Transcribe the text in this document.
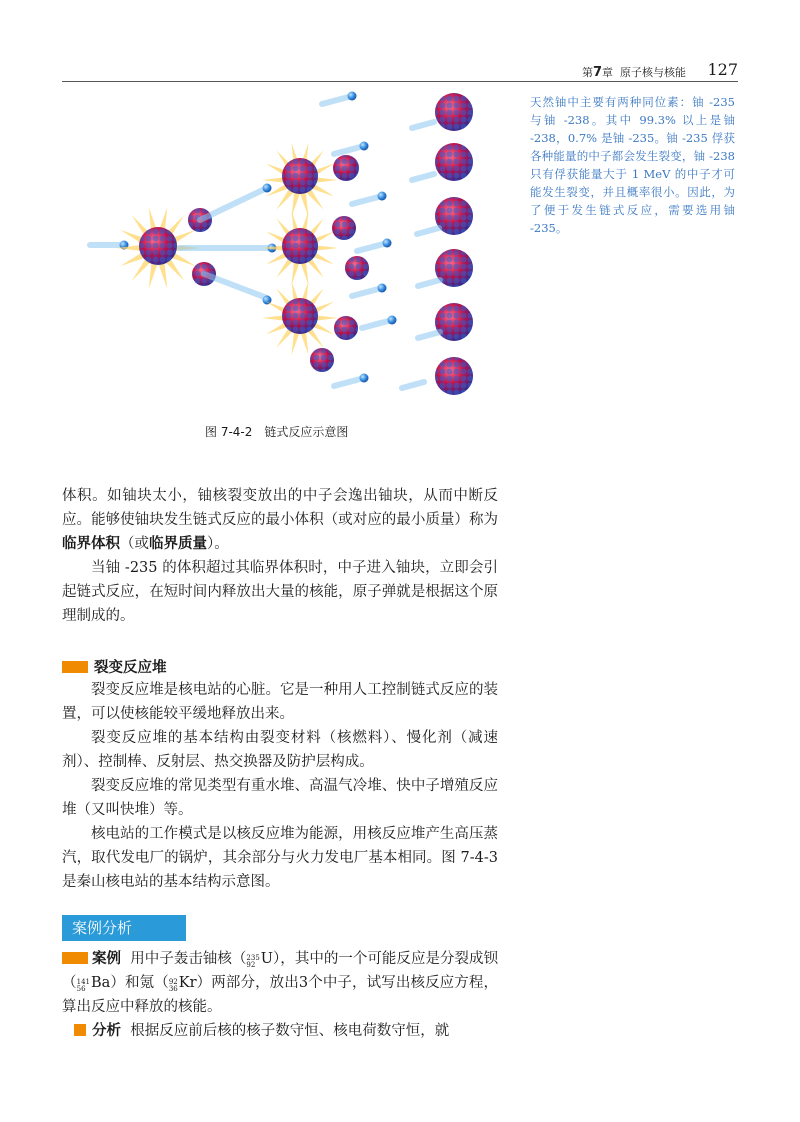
第7章 原子核与核能 127
图 7-4-2　链式反应示意图
天然铀中主要有两种同位素：铀 -235 与铀 -238。其中 99.3% 以上是铀 -238，0.7% 是铀 -235。铀 -235 俘获各种能量的中子都会发生裂变，铀 -238 只有俘获能量大于 1 MeV 的中子才可能发生裂变，并且概率很小。因此，为了便于发生链式反应，需要选用铀 -235。

体积。如铀块太小，铀核裂变放出的中子会逸出铀块，从而中断反应。能够使铀块发生链式反应的最小体积（或对应的最小质量）称为临界体积（或临界质量）。

当铀 -235 的体积超过其临界体积时，中子进入铀块，立即会引起链式反应，在短时间内释放出大量的核能，原子弹就是根据这个原理制成的。

裂变反应堆

裂变反应堆是核电站的心脏。它是一种用人工控制链式反应的装置，可以使核能较平缓地释放出来。

裂变反应堆的基本结构由裂变材料（核燃料）、慢化剂（减速剂）、控制棒、反射层、热交换器及防护层构成。

裂变反应堆的常见类型有重水堆、高温气冷堆、快中子增殖反应堆（又叫快堆）等。

核电站的工作模式是以核反应堆为能源，用核反应堆产生高压蒸汽，取代发电厂的锅炉，其余部分与火力发电厂基本相同。图 7-4-3 是秦山核电站的基本结构示意图。

案例分析

案例 用中子轰击铀核（ 235
92 U），其中的一个可能反应是分裂成钡（ 141
56 Ba）和氪（ 92
36 Kr）两部分，放出3个中子，试写出核反应方程，算出反应中释放的核能。

分析 根据反应前后核的核子数守恒、核电荷数守恒，就
